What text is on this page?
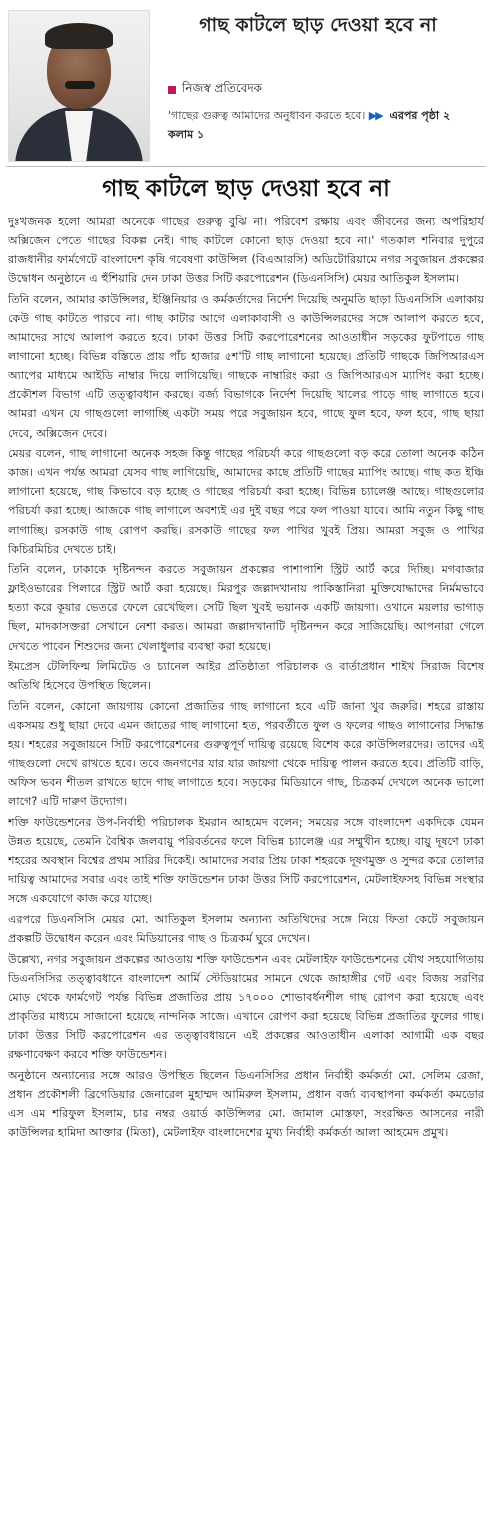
গাছ কাটলে ছাড় দেওয়া হবে না
নিজস্ব প্রতিবেদক
'গাছের গুরুত্ব আমাদের অনুধাবন করতে হবে। ▶▶ এরপর পৃষ্ঠা ২ কলাম ১
গাছ কাটলে ছাড় দেওয়া হবে না

দুঃখজনক হলো আমরা অনেকে গাছের গুরুত্ব বুঝি না। পরিবেশ রক্ষায় এবং জীবনের জন্য অপরিহার্য অক্সিজেন পেতে গাছের বিকল্প নেই। গাছ কাটলে কোনো ছাড় দেওয়া হবে না।' গতকাল শনিবার দুপুরে রাজধানীর ফার্মগেটে বাংলাদেশ কৃষি গবেষণা কাউন্সিল (বিএআরসি) অডিটোরিয়ামে নগর সবুজায়ন প্রকল্পের উদ্বোধন অনুষ্ঠানে এ হুঁশিয়ারি দেন ঢাকা উত্তর সিটি করপোরেশন (ডিএনসিসি) মেয়র আতিকুল ইসলাম।

তিনি বলেন, আমার কাউন্সিলর, ইঞ্জিনিয়ার ও কর্মকর্তাদের নির্দেশ দিয়েছি অনুমতি ছাড়া ডিএনসিসি এলাকায় কেউ গাছ কাটতে পারবে না। গাছ কাটার আগে এলাকাবাসী ও কাউন্সিলরদের সঙ্গে আলাপ করতে হবে, আমাদের সাথে আলাপ করতে হবে। ঢাকা উত্তর সিটি করপোরেশনের আওতাধীন সড়কের ফুটপাতে গাছ লাগানো হচ্ছে। বিভিন্ন বস্তিতে প্রায় পাঁচ হাজার ৫শ'টি গাছ লাগানো হয়েছে। প্রতিটি গাছকে জিপিআরএস অ্যাপের মাধ্যমে আইডি নাম্বার দিয়ে লাগিয়েছি। গাছকে নাম্বারিং করা ও জিপিআরএস ম্যাপিং করা হচ্ছে। প্রকৌশল বিভাগ এটি তত্ত্বাবধান করছে। বর্জ্য বিভাগকে নির্দেশ দিয়েছি খালের পাড়ে গাছ লাগাতে হবে। আমরা এখন যে গাছগুলো লাগাচ্ছি একটা সময় পরে সবুজায়ন হবে, গাছে ফুল হবে, ফল হবে, গাছ ছায়া দেবে, অক্সিজেন দেবে।

মেয়র বলেন, গাছ লাগানো অনেক সহজ কিন্তু গাছের পরিচর্যা করে গাছগুলো বড় করে তোলা অনেক কঠিন কাজ। এখন পর্যন্ত আমরা যেসব গাছ লাগিয়েছি, আমাদের কাছে প্রতিটি গাছের ম্যাপিং আছে। গাছ কত ইঞ্চি লাগানো হয়েছে, গাছ কিভাবে বড় হচ্ছে ও গাছের পরিচর্যা করা হচ্ছে। বিভিন্ন চ্যালেঞ্জ আছে। গাছগুলোর পরিচর্যা করা হচ্ছে। আজকে গাছ লাগালে অবশ্যই এর দুই বছর পরে ফল পাওয়া যাবে। আমি নতুন কিছু গাছ লাগাচ্ছি। রসকাউ গাছ রোপণ করছি। রসকাউ গাছের ফল পাখির খুবই প্রিয়। আমরা সবুজ ও পাখির কিচিরমিচির দেখতে চাই।

তিনি বলেন, ঢাকাকে দৃষ্টিনন্দন করতে সবুজায়ন প্রকল্পের পাশাপাশি স্ট্রিট আর্ট করে দিচ্ছি। মগবাজার ফ্লাইওভারের পিলারে স্ট্রিট আর্ট করা হয়েছে। মিরপুর জল্লাদখানায় পাকিস্তানিরা মুক্তিযোদ্ধাদের নির্মমভাবে হত্যা করে কূয়ার ভেতরে ফেলে রেখেছিল। সেটি ছিল খুবই ভয়ানক একটি জায়গা। ওখানে ময়লার ভাগাড় ছিল, মাদকাসক্তরা সেখানে নেশা করত। আমরা জল্লাদখানাটি দৃষ্টিনন্দন করে সাজিয়েছি। আপনারা গেলে দেখতে পাবেন শিশুদের জন্য খেলাধুলার ব্যবস্থা করা হয়েছে।

ইমপ্রেস টেলিফিল্ম লিমিটেড ও চ্যানেল আইর প্রতিষ্ঠাতা পরিচালক ও বার্তাপ্রধান শাইখ সিরাজ বিশেষ অতিথি হিসেবে উপস্থিত ছিলেন।

তিনি বলেন, কোনো জায়গায় কোনো প্রজাতির গাছ লাগানো হবে এটি জানা খুব জরুরি। শহরে রাস্তায় একসময় শুধু ছায়া দেবে এমন জাতের গাছ লাগানো হত, পরবর্তীতে ফুল ও ফলের গাছও লাগানোর সিদ্ধান্ত হয়। শহরের সবুজায়নে সিটি করপোরেশনের গুরুত্বপূর্ণ দায়িত্ব রয়েছে বিশেষ করে কাউন্সিলরদের। তাদের এই গাছগুলো দেখে রাখতে হবে। তবে জনগণের যার যার জায়গা থেকে দায়িত্ব পালন করতে হবে। প্রতিটি বাড়ি, অফিস ভবন শীতল রাখতে ছাদে গাছ লাগাতে হবে। সড়কের মিডিয়ানে গাছ, চিত্রকর্ম দেখলে অনেক ভালো লাগে? এটি দারুণ উদ্যোগ।

শক্তি ফাউন্ডেশনের উপ-নির্বাহী পরিচালক ইমরান আহমেদ বলেন; সময়ের সঙ্গে বাংলাদেশ একদিকে যেমন উন্নত হয়েছে, তেমনি বৈশ্বিক জলবায়ু পরিবর্তনের ফলে বিভিন্ন চ্যালেঞ্জ এর সম্মুখীন হচ্ছে। বায়ু দূষণে ঢাকা শহরের অবস্থান বিশ্বের প্রথম সারির দিকেই। আমাদের সবার প্রিয় ঢাকা শহরকে দূষণমুক্ত ও সুন্দর করে তোলার দায়িত্ব আমাদের সবার এবং তাই শক্তি ফাউন্ডেশন ঢাকা উত্তর সিটি করপোরেশন, মেটলাইফসহ বিভিন্ন সংস্থার সঙ্গে একযোগে কাজ করে যাচ্ছে।

এরপরে ডিএনসিসি মেয়র মো. আতিকুল ইসলাম অন্যান্য অতিথিদের সঙ্গে নিয়ে ফিতা কেটে সবুজায়ন প্রকল্পটি উদ্বোধন করেন এবং মিডিয়ানের গাছ ও চিত্রকর্ম ঘুরে দেখেন।

উল্লেখ্য, নগর সবুজায়ন প্রকল্পের আওতায় শক্তি ফাউন্ডেশন এবং মেটলাইফ ফাউন্ডেশনের যৌথ সহযোগিতায় ডিএনসিসির তত্ত্বাবধানে বাংলাদেশ আর্মি স্টেডিয়ামের সামনে থেকে জাহাঙ্গীর গেট এবং বিজয় সরণির মোড় থেকে ফার্মগেট পর্যন্ত বিভিন্ন প্রজাতির প্রায় ১৭০০০ শোভাবর্ধনশীল গাছ রোপণ করা হয়েছে এবং প্রাকৃতির মাধ্যমে সাজানো হয়েছে নান্দনিক সাজে। এখানে রোপণ করা হয়েছে বিভিন্ন প্রজাতির ফুলের গাছ। ঢাকা উত্তর সিটি করপোরেশন এর তত্ত্বাবধায়নে এই প্রকল্পের আওতাধীন এলাকা আগামী এক বছর রক্ষণাবেক্ষণ করবে শক্তি ফাউন্ডেশন।

অনুষ্ঠানে অন্যান্যের সঙ্গে আরও উপস্থিত ছিলেন ডিএনসিসির প্রধান নির্বাহী কর্মকর্তা মো. সেলিম রেজা, প্রধান প্রকৌশলী ব্রিগেডিয়ার জেনারেল মুহাম্মদ আমিরুল ইসলাম, প্রধান বর্জ্য ব্যবস্থাপনা কর্মকর্তা কমডোর এস এম শরিফুল ইসলাম, চার নম্বর ওয়ার্ড কাউন্সিলর মো. জামাল মোস্তফা, সংরক্ষিত আসনের নারী কাউন্সিলর হামিদা আক্তার (মিতা), মেটলাইফ বাংলাদেশের মুখ্য নির্বাহী কর্মকর্তা আলা আহমেদ প্রমুখ।
